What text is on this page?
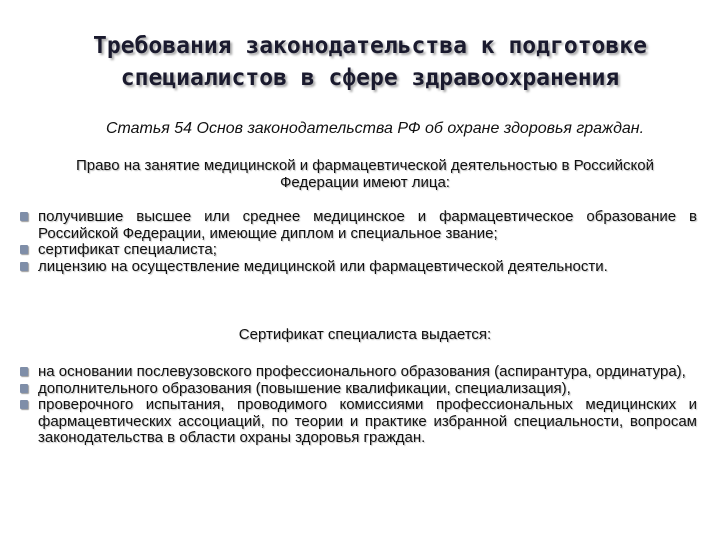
Требования законодательства к подготовке специалистов в сфере здравоохранения
Статья 54 Основ законодательства РФ об охране здоровья граждан.
Право на занятие медицинской и фармацевтической деятельностью в Российской Федерации имеют лица:
получившие высшее или среднее медицинское и фармацевтическое образование в Российской Федерации, имеющие диплом и специальное звание;
сертификат специалиста;
лицензию на осуществление медицинской или фармацевтической деятельности.
Сертификат специалиста выдается:
на основании послевузовского профессионального образования (аспирантура, ординатура),
дополнительного образования (повышение квалификации, специализация),
проверочного испытания, проводимого комиссиями профессиональных медицинских и фармацевтических ассоциаций, по теории и практике избранной специальности, вопросам законодательства в области охраны здоровья граждан.
